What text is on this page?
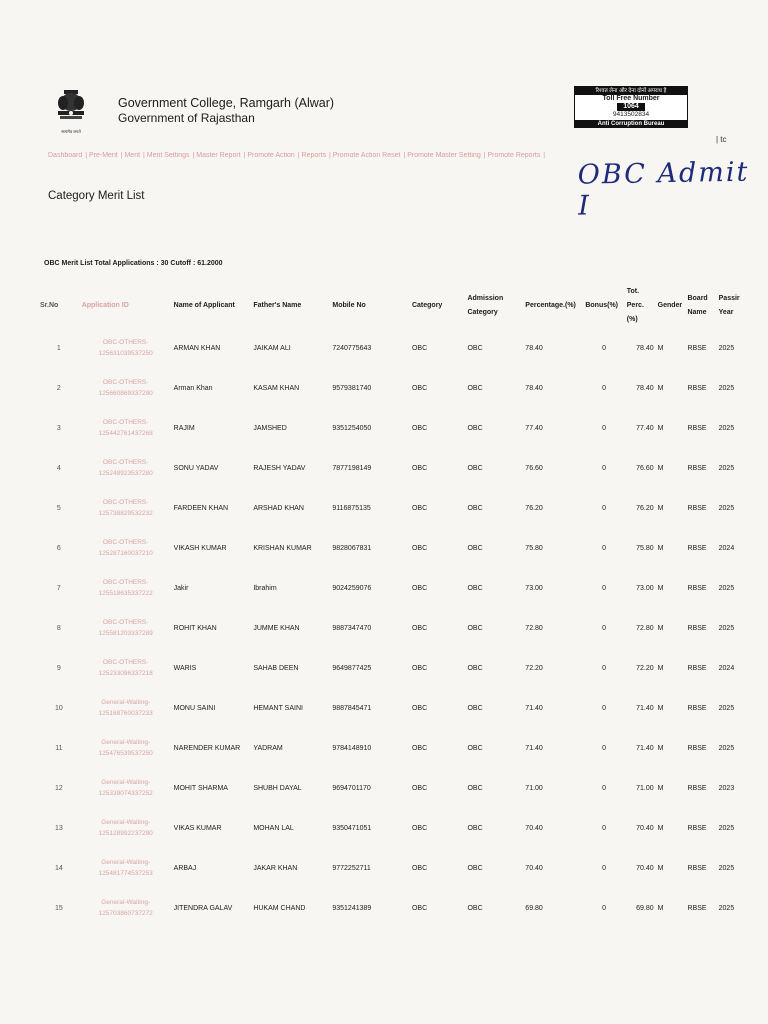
सत्यमेव जयते
Government College, Ramgarh (Alwar)
Government of Rajasthan
रिश्वत लेना और देना दोनों अपराध है
Toll Free Number
1064
9413502834
Anti Corruption Bureau
| tc
Dashboard | Pre-Merit | Merit | Merit Settings | Master Report | Promote Action | Reports | Promote Action Reset | Promote Master Setting | Promote Reports |
OBC Admit I
Category Merit List
OBC Merit List Total Applications : 30 Cutoff : 61.2000
Sr.No	Application ID	Name of Applicant	Father's Name	Mobile No	Category	Admission Category	Percentage.(%)	Bonus(%)	Tot. Perc. (%)	Gender	Board Name	Passir Year
1	OBC-OTHERS-
125631039537250	ARMAN KHAN	JAIKAM ALI	7240775643	OBC	OBC	78.40	0	78.40	M	RBSE	2025
2	OBC-OTHERS-
125660869337290	Arman Khan	KASAM KHAN	9579381740	OBC	OBC	78.40	0	78.40	M	RBSE	2025
3	OBC-OTHERS-
125442761437268	RAJIM	JAMSHED	9351254050	OBC	OBC	77.40	0	77.40	M	RBSE	2025
4	OBC-OTHERS-
125248923537280	SONU YADAV	RAJESH YADAV	7877198149	OBC	OBC	76.60	0	76.60	M	RBSE	2025
5	OBC-OTHERS-
125738829532232	FARDEEN KHAN	ARSHAD KHAN	9116875135	OBC	OBC	76.20	0	76.20	M	RBSE	2025
6	OBC-OTHERS-
125287160037210	VIKASH KUMAR	KRISHAN KUMAR	9828067831	OBC	OBC	75.80	0	75.80	M	RBSE	2024
7	OBC-OTHERS-
125518635337222	Jakir	Ibrahim	9024259076	OBC	OBC	73.00	0	73.00	M	RBSE	2025
8	OBC-OTHERS-
125581203337289	ROHIT KHAN	JUMME KHAN	9887347470	OBC	OBC	72.80	0	72.80	M	RBSE	2025
9	OBC-OTHERS-
125233096337218	WARIS	SAHAB DEEN	9649877425	OBC	OBC	72.20	0	72.20	M	RBSE	2024
10	General-Waiting-
125168760037233	MONU SAINI	HEMANT SAINI	9887845471	OBC	OBC	71.40	0	71.40	M	RBSE	2025
11	General-Waiting-
125476539537250	NARENDER KUMAR	YADRAM	9784148910	OBC	OBC	71.40	0	71.40	M	RBSE	2025
12	General-Waiting-
125339074337252	MOHIT SHARMA	SHUBH DAYAL	9694701170	OBC	OBC	71.00	0	71.00	M	RBSE	2023
13	General-Waiting-
125128992237290	VIKAS KUMAR	MOHAN LAL	9350471051	OBC	OBC	70.40	0	70.40	M	RBSE	2025
14	General-Waiting-
125481774537253	ARBAJ	JAKAR KHAN	9772252711	OBC	OBC	70.40	0	70.40	M	RBSE	2025
15	General-Waiting-
125703860737272	JITENDRA GALAV	HUKAM CHAND	9351241389	OBC	OBC	69.80	0	69.80	M	RBSE	2025
